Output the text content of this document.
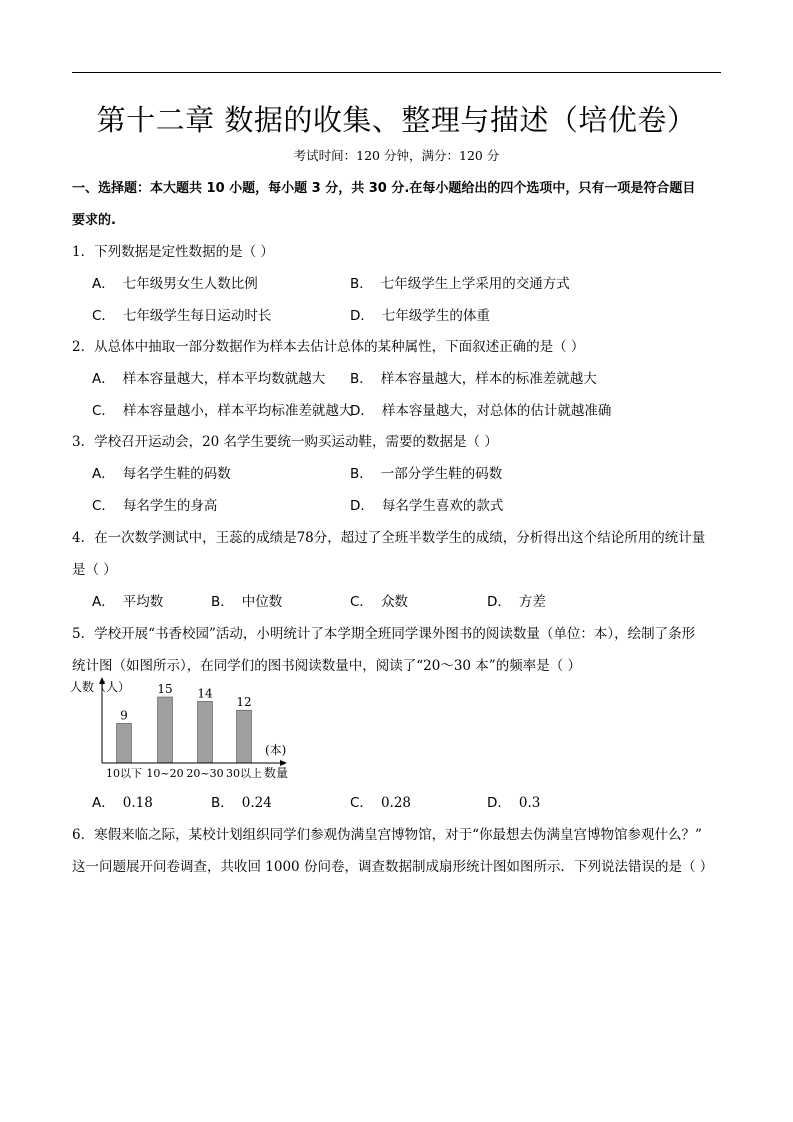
第十二章 数据的收集、整理与描述（培优卷）
考试时间：120 分钟，满分：120 分
一、选择题：本大题共 10 小题，每小题 3 分，共 30 分.在每小题给出的四个选项中，只有一项是符合题目
要求的.
1．下列数据是定性数据的是（ ）
A． 七年级男女生人数比例	B． 七年级学生上学采用的交通方式
C． 七年级学生每日运动时长	D． 七年级学生的体重
2．从总体中抽取一部分数据作为样本去估计总体的某种属性，下面叙述正确的是（ ）
A． 样本容量越大，样本平均数就越大 B． 样本容量越大，样本的标准差就越大
C． 样本容量越小，样本平均标准差就越大
D． 样本容量越大，对总体的估计就越准确
3．学校召开运动会，20 名学生要统一购买运动鞋，需要的数据是（ ）
A． 每名学生鞋的码数	B． 一部分学生鞋的码数
C． 每名学生的身高	D． 每名学生喜欢的款式
4．在一次数学测试中，王蕊的成绩是78分，超过了全班半数学生的成绩，分析得出这个结论所用的统计量
是（ ）
A． 平均数	B． 中位数	C． 众数	D． 方差
5．学校开展“书香校园”活动，小明统计了本学期全班同学课外图书的阅读数量（单位：本），绘制了条形
统计图（如图所示），在同学们的图书阅读数量中，阅读了“20～30 本”的频率是（ ）
人数（人）
(本)
数量
10以下 10~20 20~30 30以上
9
15 14
12
A． 0.18	B． 0.24	C． 0.28	D． 0.3
6．寒假来临之际，某校计划组织同学们参观伪满皇宫博物馆，对于“你最想去伪满皇宫博物馆参观什么？”
这一问题展开问卷调查，共收回 1000 份问卷，调查数据制成扇形统计图如图所示．下列说法错误的是（ ）
